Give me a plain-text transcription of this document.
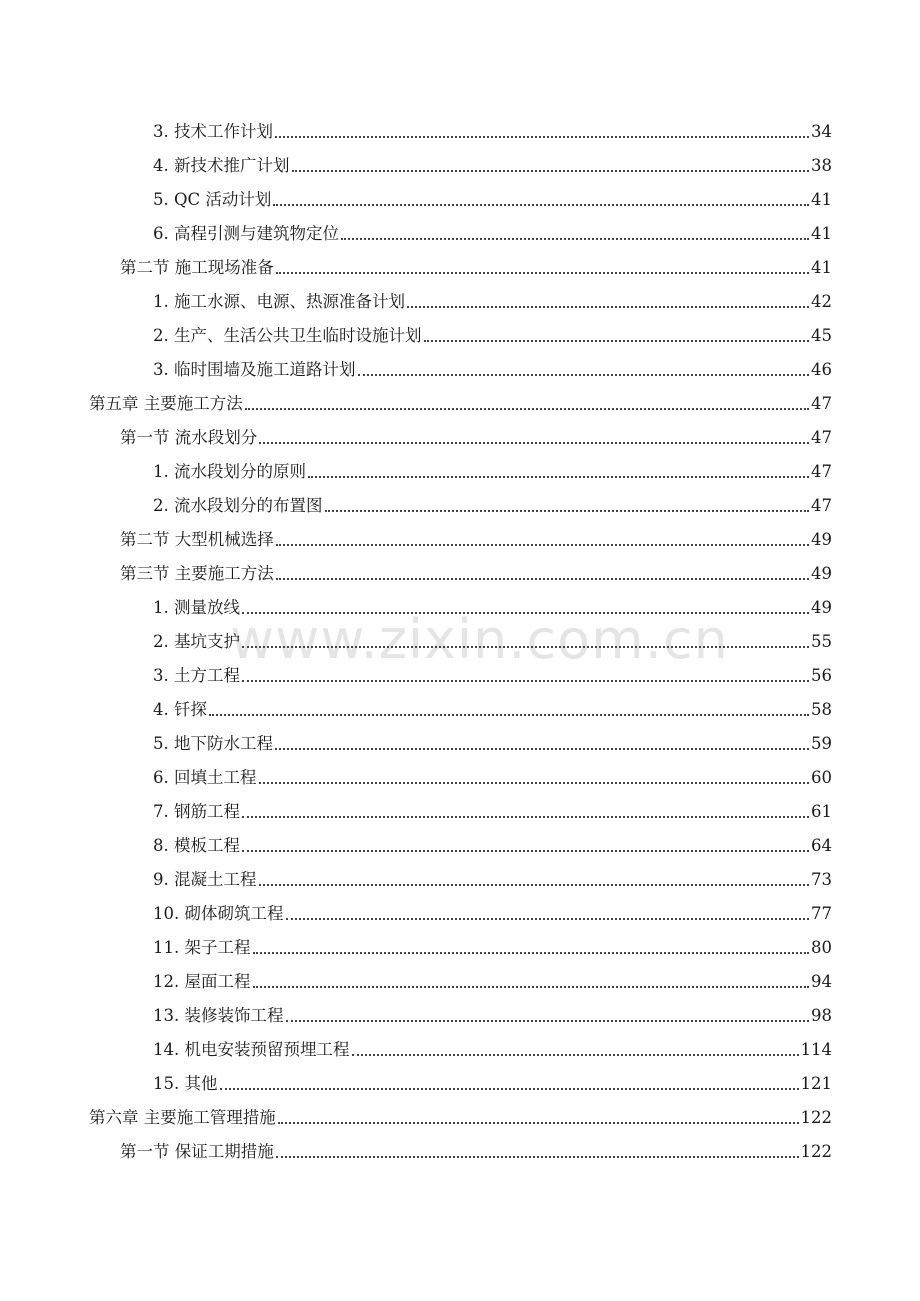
www.zixin.com.cn
3. 技术工作计划	34
4. 新技术推广计划	38
5. QC 活动计划	41
6. 高程引测与建筑物定位	41
第二节 施工现场准备	41
1. 施工水源、电源、热源准备计划	42
2. 生产、生活公共卫生临时设施计划	45
3. 临时围墙及施工道路计划	46
第五章 主要施工方法	47
第一节 流水段划分	47
1. 流水段划分的原则	47
2. 流水段划分的布置图	47
第二节 大型机械选择	49
第三节 主要施工方法	49
1. 测量放线	49
2. 基坑支护	55
3. 土方工程	56
4. 钎探	58
5. 地下防水工程	59
6. 回填土工程	60
7. 钢筋工程	61
8. 模板工程	64
9. 混凝土工程	73
10. 砌体砌筑工程	77
11. 架子工程	80
12. 屋面工程	94
13. 装修装饰工程	98
14. 机电安装预留预埋工程	114
15. 其他	121
第六章 主要施工管理措施	122
第一节 保证工期措施	122
